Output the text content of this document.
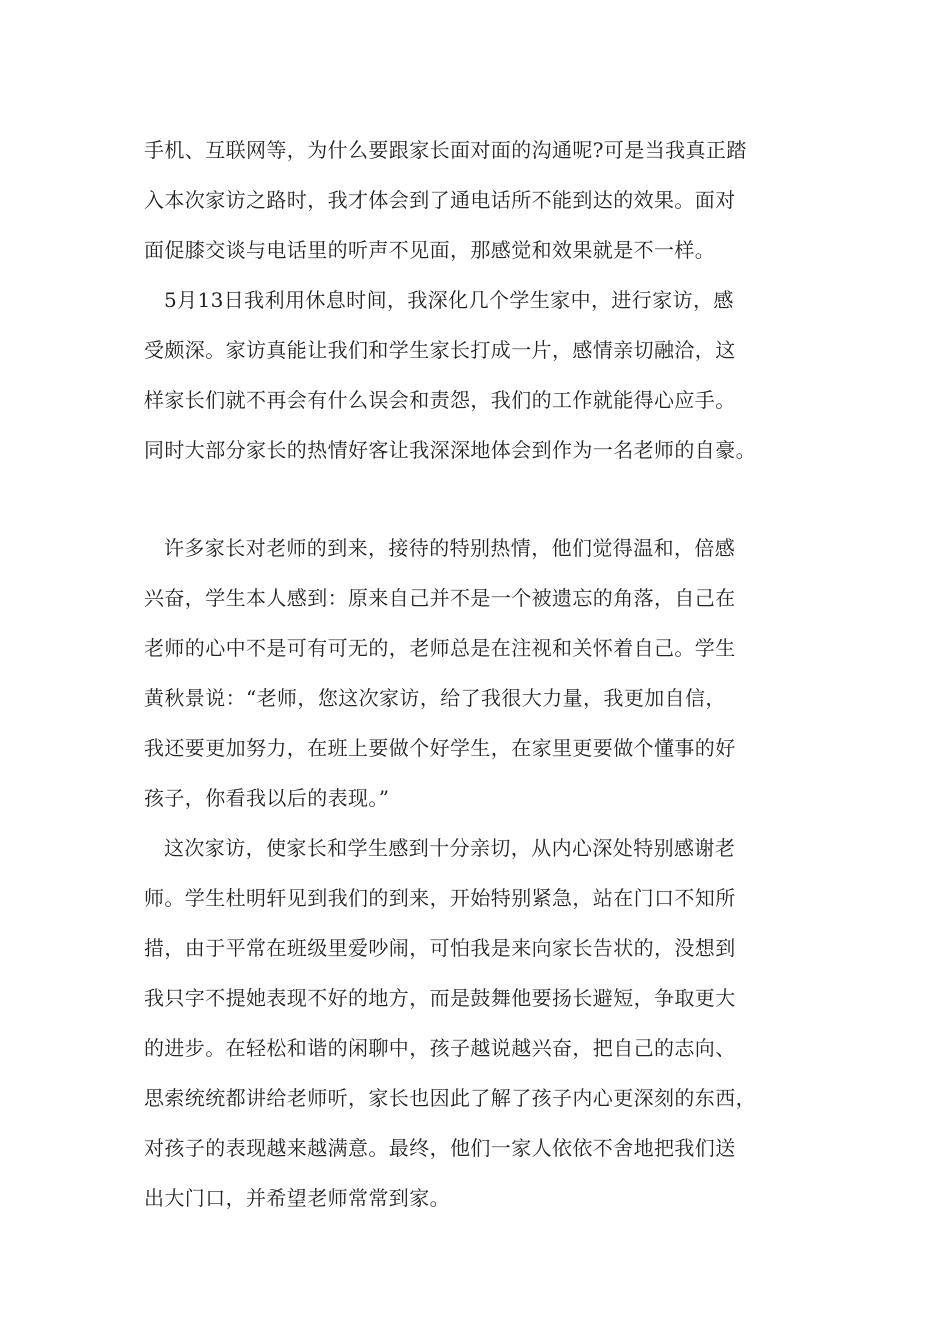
手机、互联网等，为什么要跟家长面对面的沟通呢?可是当我真正踏

入本次家访之路时，我才体会到了通电话所不能到达的效果。面对

面促膝交谈与电话里的听声不见面，那感觉和效果就是不一样。

5月13日我利用休息时间，我深化几个学生家中，进行家访，感

受颇深。家访真能让我们和学生家长打成一片，感情亲切融洽，这

样家长们就不再会有什么误会和责怨，我们的工作就能得心应手。

同时大部分家长的热情好客让我深深地体会到作为一名老师的自豪。

许多家长对老师的到来，接待的特别热情，他们觉得温和，倍感

兴奋，学生本人感到：原来自己并不是一个被遗忘的角落，自己在

老师的心中不是可有可无的，老师总是在注视和关怀着自己。学生

黄秋景说：“老师，您这次家访，给了我很大力量，我更加自信，

我还要更加努力，在班上要做个好学生，在家里更要做个懂事的好

孩子，你看我以后的表现。”

这次家访，使家长和学生感到十分亲切，从内心深处特别感谢老

师。学生杜明轩见到我们的到来，开始特别紧急，站在门口不知所

措，由于平常在班级里爱吵闹，可怕我是来向家长告状的，没想到

我只字不提她表现不好的地方，而是鼓舞他要扬长避短，争取更大

的进步。在轻松和谐的闲聊中，孩子越说越兴奋，把自己的志向、

思索统统都讲给老师听，家长也因此了解了孩子内心更深刻的东西，

对孩子的表现越来越满意。最终，他们一家人依依不舍地把我们送

出大门口，并希望老师常常到家。
